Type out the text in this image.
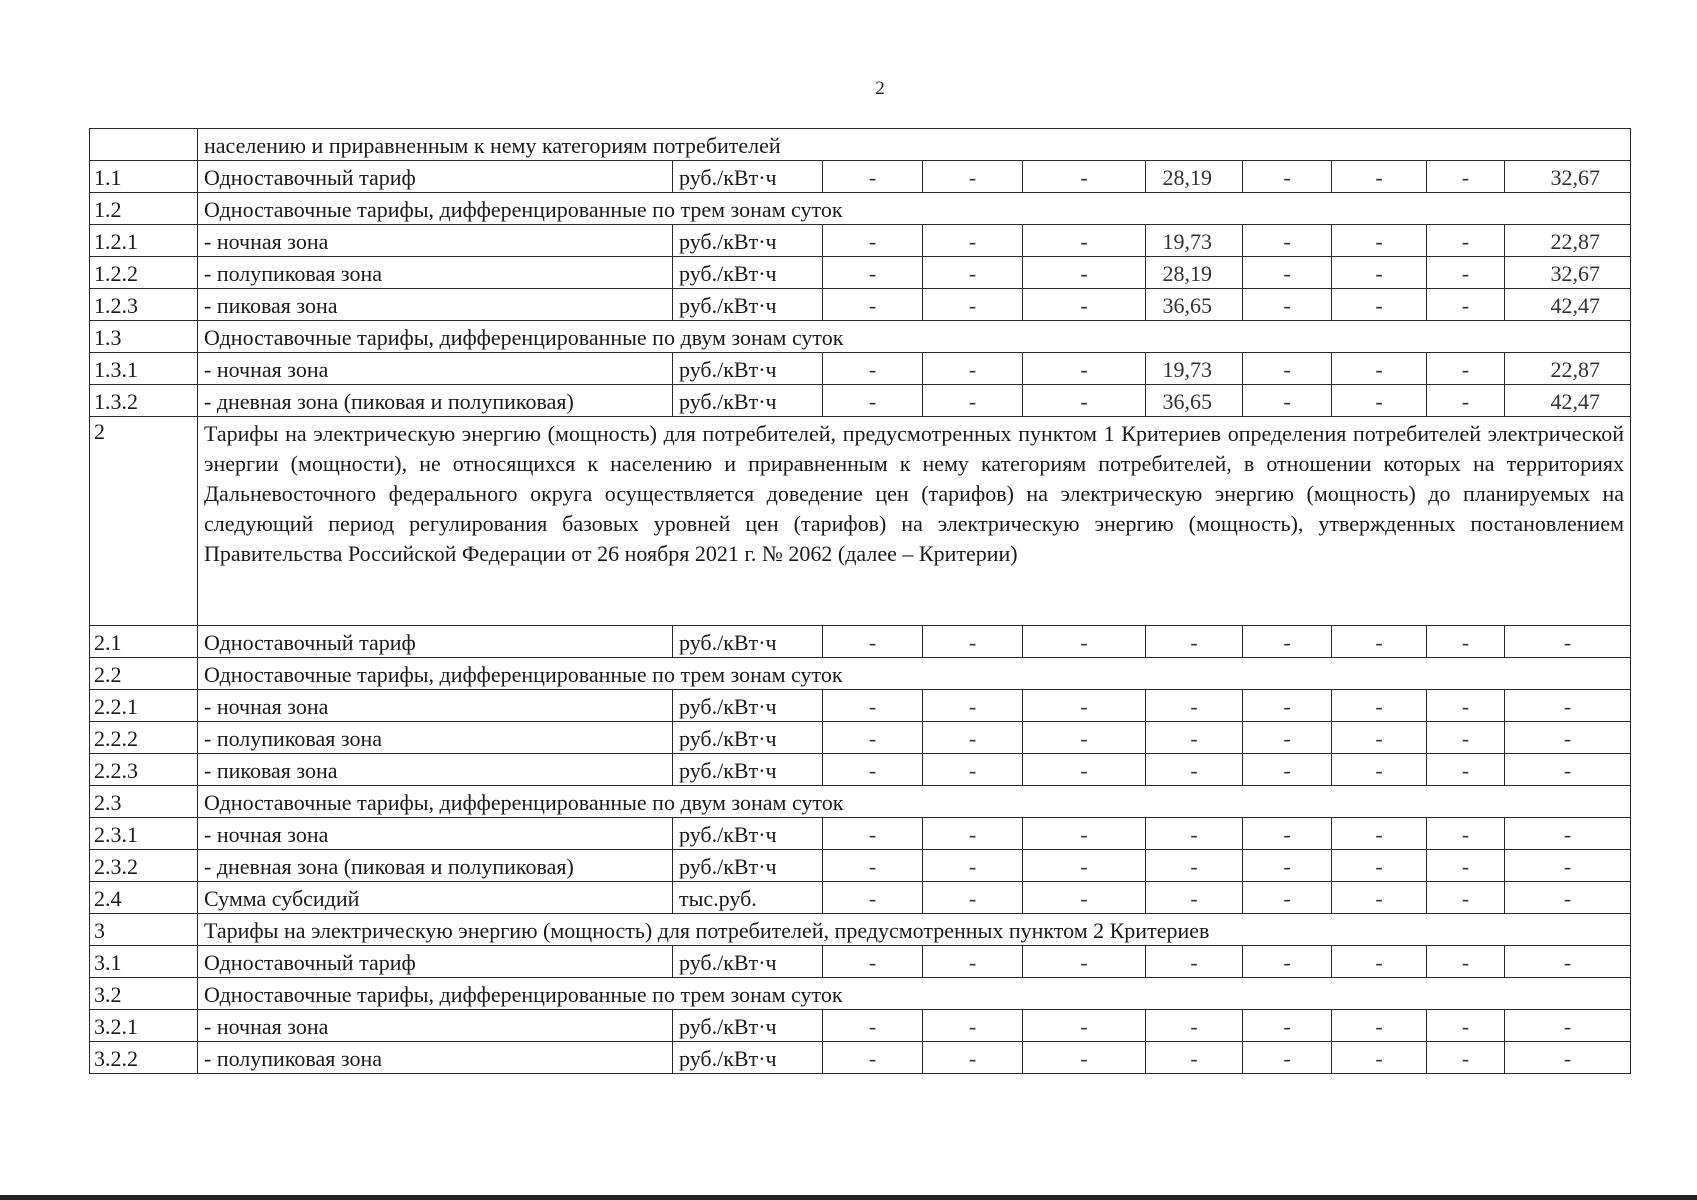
2
	населению и приравненным к нему категориям потребителей									
1.1	Одноставочный тариф	руб./кВт·ч	-	-	-	28,19	-	-	-	32,67
1.2	Одноставочные тарифы, дифференцированные по трем зонам суток									
1.2.1	- ночная зона	руб./кВт·ч	-	-	-	19,73	-	-	-	22,87
1.2.2	- полупиковая зона	руб./кВт·ч	-	-	-	28,19	-	-	-	32,67
1.2.3	- пиковая зона	руб./кВт·ч	-	-	-	36,65	-	-	-	42,47
1.3	Одноставочные тарифы, дифференцированные по двум зонам суток									
1.3.1	- ночная зона	руб./кВт·ч	-	-	-	19,73	-	-	-	22,87
1.3.2	- дневная зона (пиковая и полупиковая)	руб./кВт·ч	-	-	-	36,65	-	-	-	42,47
2	Тарифы на электрическую энергию (мощность) для потребителей, предусмотренных пунктом 1 Критериев определения потребителей электрической энергии (мощности), не относящихся к населению и приравненным к нему категориям потребителей, в отношении которых на территориях Дальневосточного федерального округа осуществляется доведение цен (тарифов) на электрическую энергию (мощность) до планируемых на следующий период регулирования базовых уровней цен (тарифов) на электрическую энергию (мощность), утвержденных постановлением Правительства Российской Федерации от 26 ноября 2021 г. № 2062 (далее – Критерии)									
2.1	Одноставочный тариф	руб./кВт·ч	-	-	-	-	-	-	-	-
2.2	Одноставочные тарифы, дифференцированные по трем зонам суток									
2.2.1	- ночная зона	руб./кВт·ч	-	-	-	-	-	-	-	-
2.2.2	- полупиковая зона	руб./кВт·ч	-	-	-	-	-	-	-	-
2.2.3	- пиковая зона	руб./кВт·ч	-	-	-	-	-	-	-	-
2.3	Одноставочные тарифы, дифференцированные по двум зонам суток									
2.3.1	- ночная зона	руб./кВт·ч	-	-	-	-	-	-	-	-
2.3.2	- дневная зона (пиковая и полупиковая)	руб./кВт·ч	-	-	-	-	-	-	-	-
2.4	Сумма субсидий	тыс.руб.	-	-	-	-	-	-	-	-
3	Тарифы на электрическую энергию (мощность) для потребителей, предусмотренных пунктом 2 Критериев									
3.1	Одноставочный тариф	руб./кВт·ч	-	-	-	-	-	-	-	-
3.2	Одноставочные тарифы, дифференцированные по трем зонам суток									
3.2.1	- ночная зона	руб./кВт·ч	-	-	-	-	-	-	-	-
3.2.2	- полупиковая зона	руб./кВт·ч	-	-	-	-	-	-	-	-
